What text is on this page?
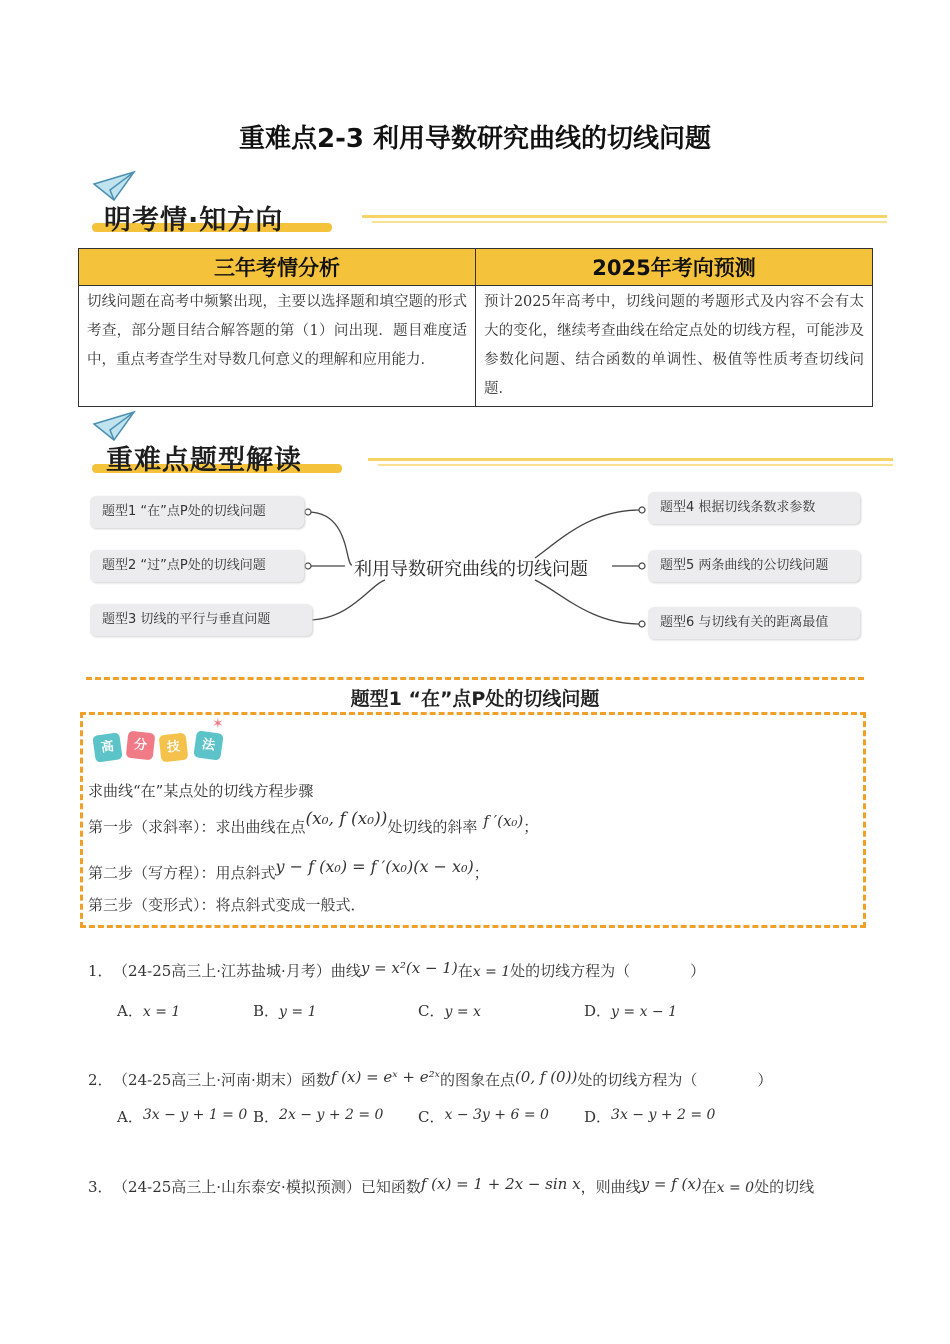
重难点2-3 利用导数研究曲线的切线问题
明考情·知方向
三年考情分析	2025年考向预测
切线问题在高考中频繁出现，主要以选择题和填空题的形式考查，部分题目结合解答题的第（1）问出现．题目难度适中，重点考查学生对导数几何意义的理解和应用能力．	预计2025年高考中，切线问题的考题形式及内容不会有太大的变化，继续考查曲线在给定点处的切线方程，可能涉及参数化问题、结合函数的单调性、极值等性质考查切线问题．
重难点题型解读
题型1 “在”点P处的切线问题
题型2 “过”点P处的切线问题
题型3 切线的平行与垂直问题
利用导数研究曲线的切线问题
题型4 根据切线条数求参数
题型5 两条曲线的公切线问题
题型6 与切线有关的距离最值
题型1 “在”点P处的切线问题
高	分	技	法
✶
求曲线“在”某点处的切线方程步骤
第一步（求斜率）：求出曲线在点(x₀, f (x₀))处切线的斜率 f ′(x₀)；
第二步（写方程）：用点斜式y − f (x₀) = f ′(x₀)(x − x₀)；
第三步（变形式）：将点斜式变成一般式．
1． （24-25高三上·江苏盐城·月考）曲线y = x²(x − 1)在x = 1处的切线方程为（　　　　）
A．x = 1	B．y = 1	C．y = x	D．y = x − 1
2． （24-25高三上·河南·期末）函数f (x) = eˣ + e²ˣ的图象在点(0, f (0))处的切线方程为（　　　　）
A．3x − y + 1 = 0 B．2x − y + 2 = 0 C．x − 3y + 6 = 0 D．3x − y + 2 = 0
3． （24-25高三上·山东泰安·模拟预测）已知函数f (x) = 1 + 2x − sin x，则曲线y = f (x)在x = 0处的切线
